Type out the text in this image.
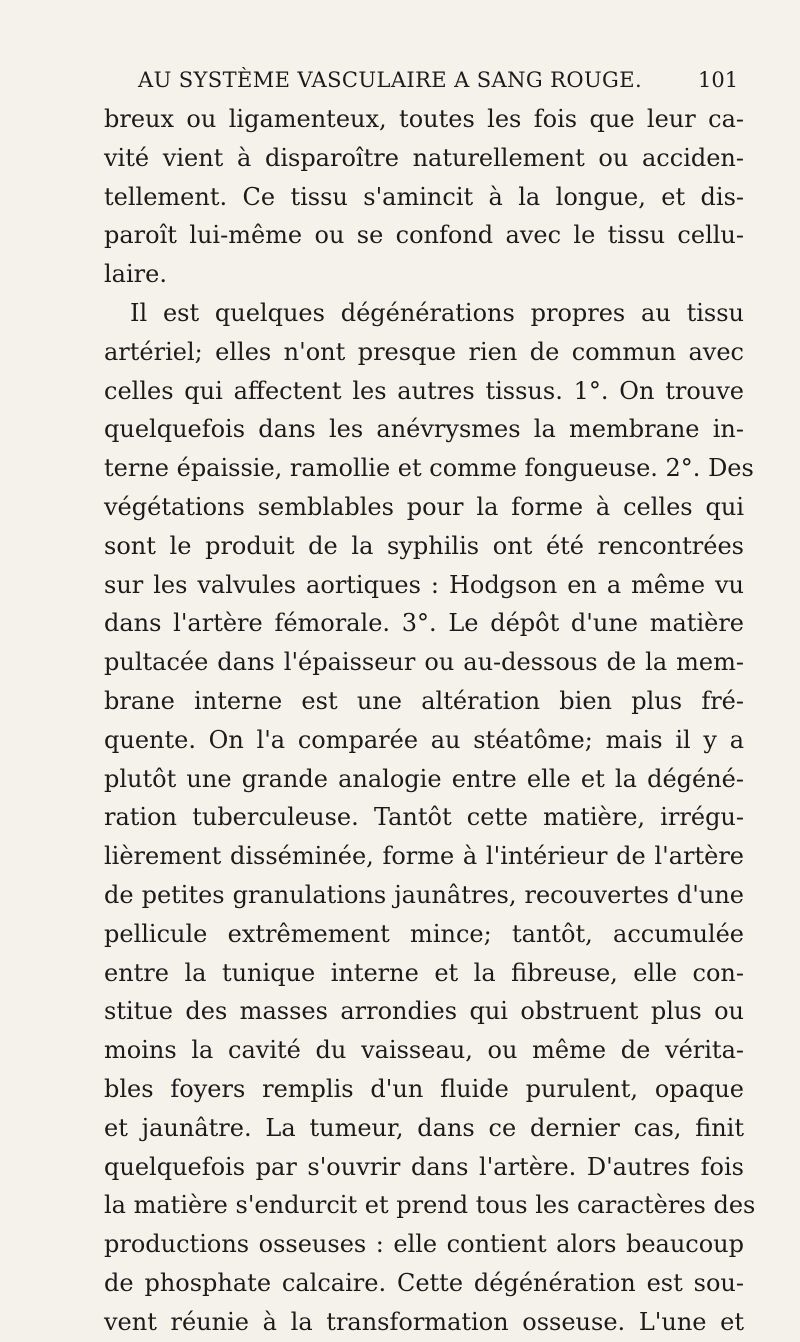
AU SYSTÈME VASCULAIRE A SANG ROUGE.	101
breux ou ligamenteux, toutes les fois que leur ca-
vité vient à disparoître naturellement ou acciden-
tellement. Ce tissu s'amincit à la longue, et dis-
paroît lui-même ou se confond avec le tissu cellu-
laire.
Il est quelques dégénérations propres au tissu
artériel; elles n'ont presque rien de commun avec
celles qui affectent les autres tissus. 1°. On trouve
quelquefois dans les anévrysmes la membrane in-
terne épaissie, ramollie et comme fongueuse. 2°. Des
végétations semblables pour la forme à celles qui
sont le produit de la syphilis ont été rencontrées
sur les valvules aortiques : Hodgson en a même vu
dans l'artère fémorale. 3°. Le dépôt d'une matière
pultacée dans l'épaisseur ou au-dessous de la mem-
brane interne est une altération bien plus fré-
quente. On l'a comparée au stéatôme; mais il y a
plutôt une grande analogie entre elle et la dégéné-
ration tuberculeuse. Tantôt cette matière, irrégu-
lièrement disséminée, forme à l'intérieur de l'artère
de petites granulations jaunâtres, recouvertes d'une
pellicule extrêmement mince; tantôt, accumulée
entre la tunique interne et la fibreuse, elle con-
stitue des masses arrondies qui obstruent plus ou
moins la cavité du vaisseau, ou même de vérita-
bles foyers remplis d'un fluide purulent, opaque
et jaunâtre. La tumeur, dans ce dernier cas, finit
quelquefois par s'ouvrir dans l'artère. D'autres fois
la matière s'endurcit et prend tous les caractères des
productions osseuses : elle contient alors beaucoup
de phosphate calcaire. Cette dégénération est sou-
vent réunie à la transformation osseuse. L'une et
